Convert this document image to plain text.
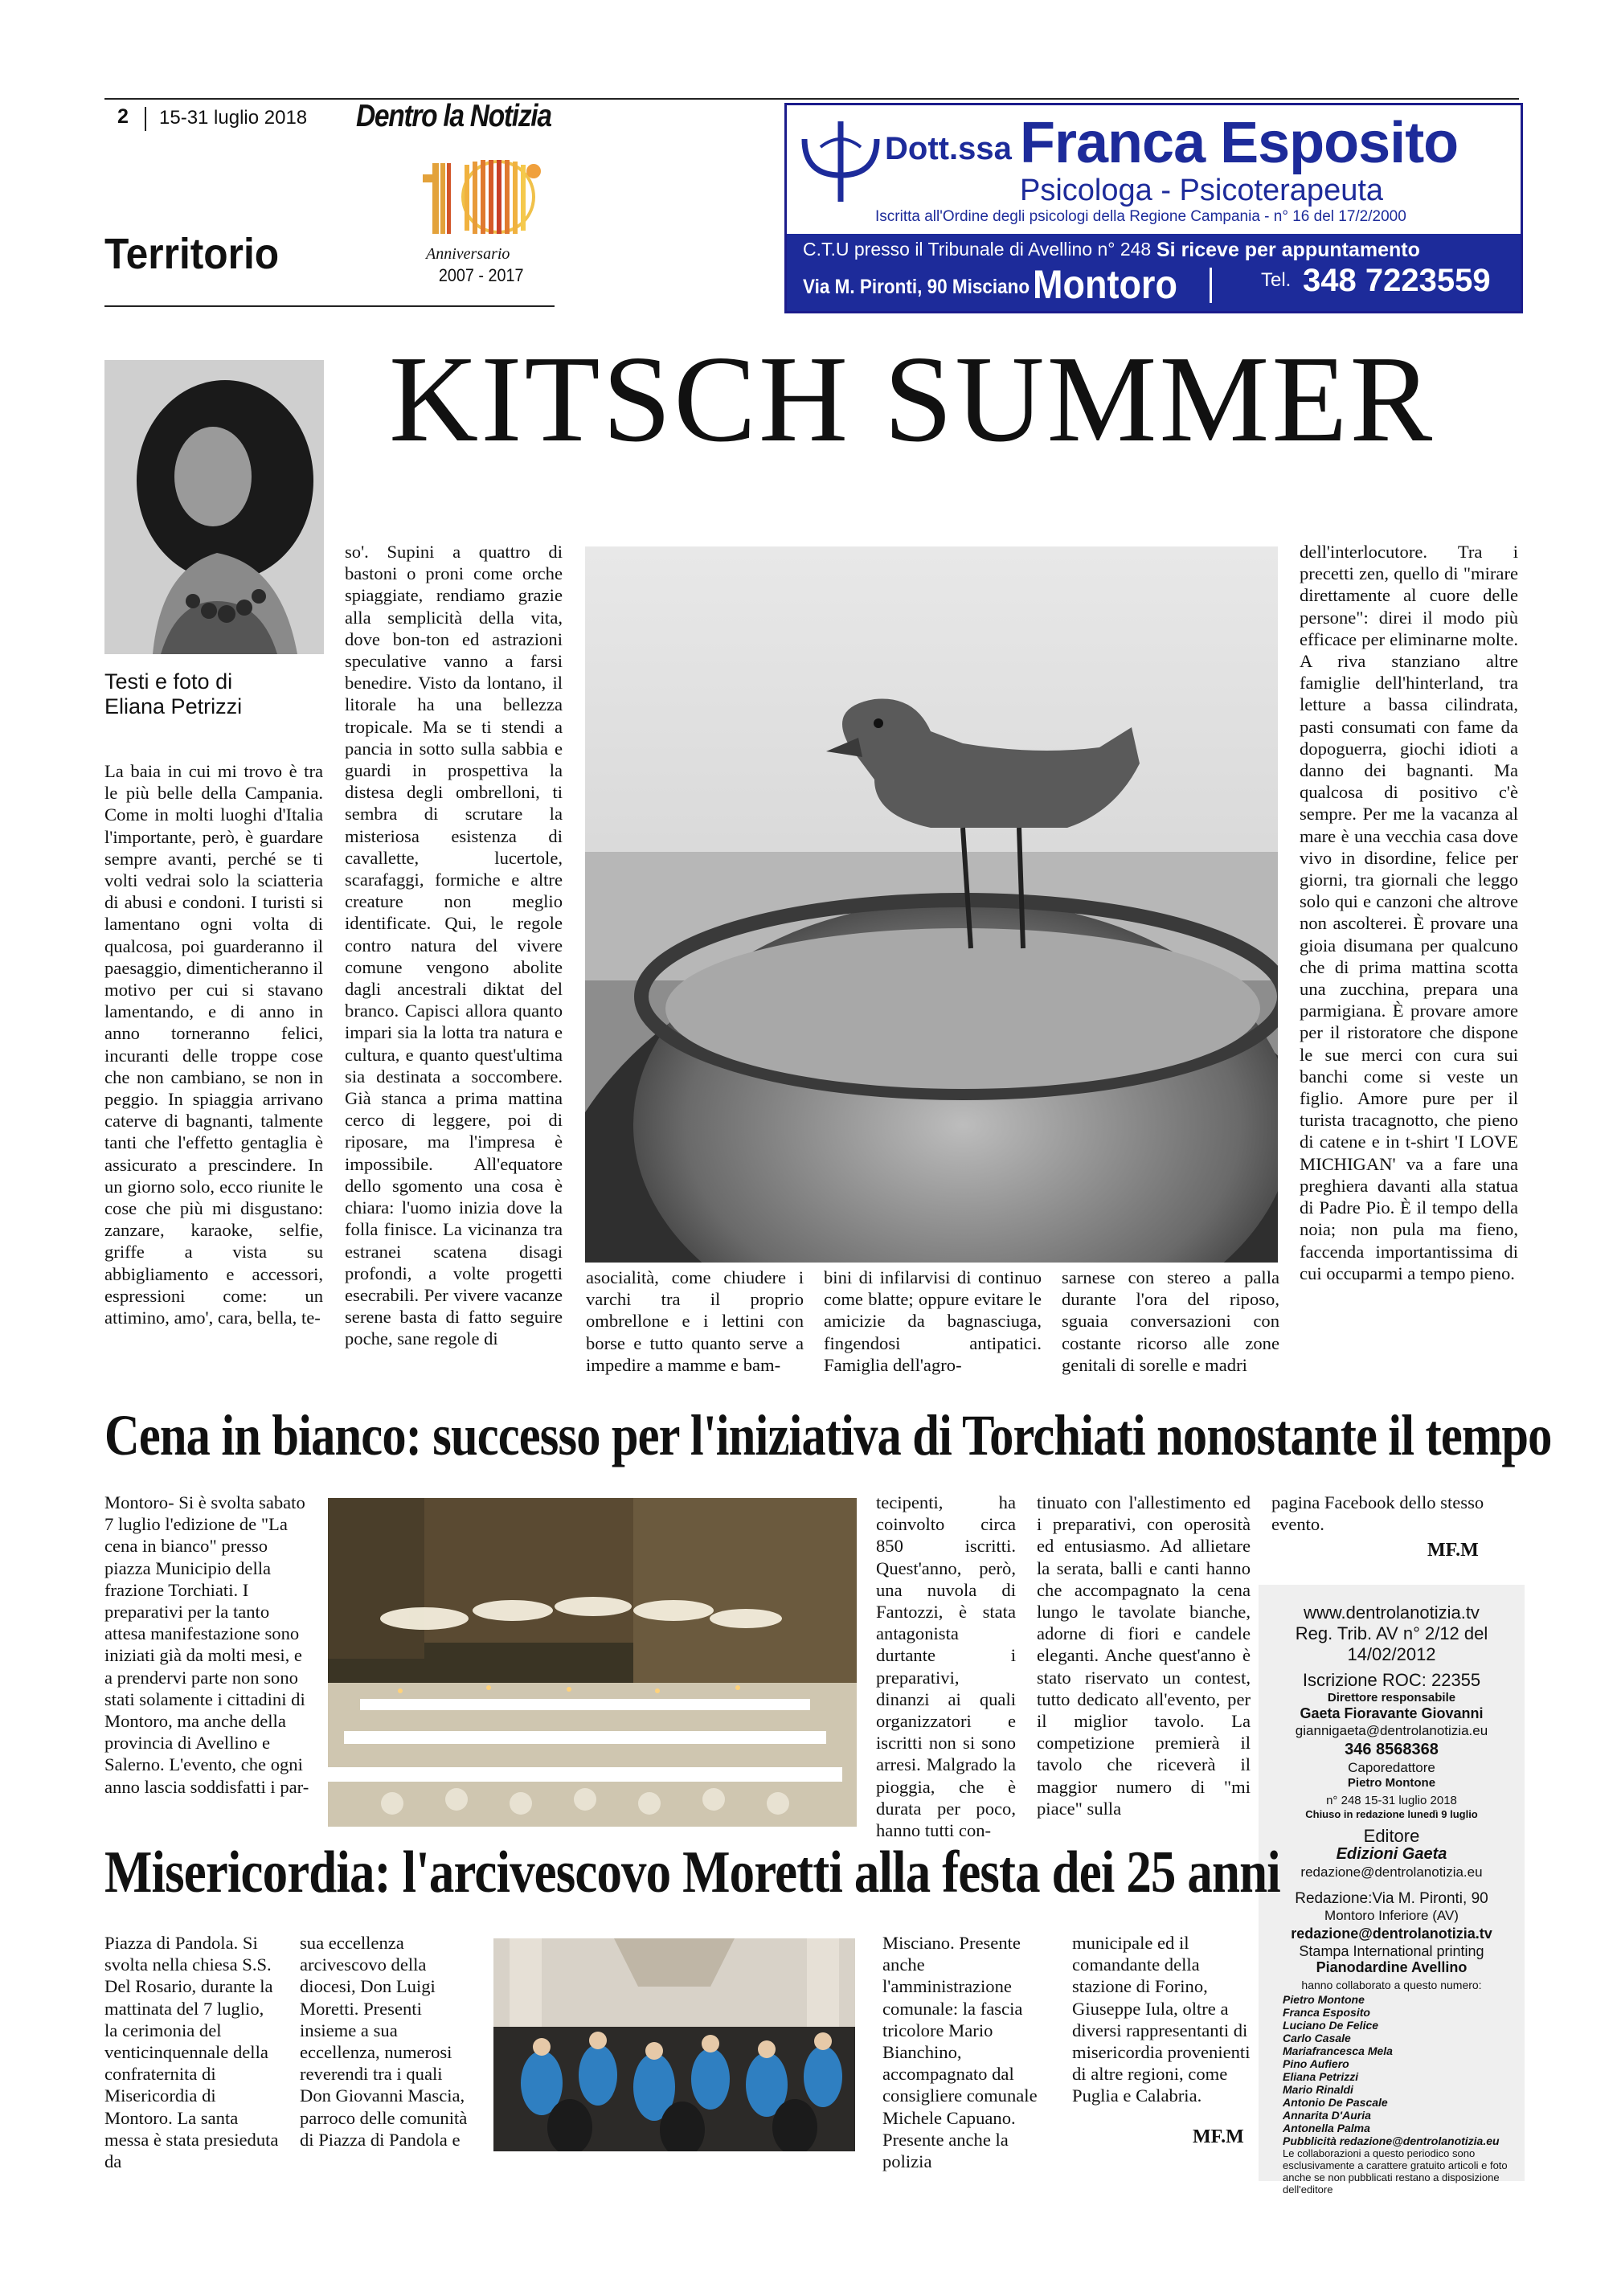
2 15-31 luglio 2018 Dentro la Notizia
Anniversario
2007 - 2017
Territorio
Dott.ssa Franca Esposito
Psicologa - Psicoterapeuta
Iscritta all'Ordine degli psicologi della Regione Campania - n° 16 del 17/2/2000
C.T.U presso il Tribunale di Avellino n° 248 Si riceve per appuntamento
Via M. Pironti, 90 Misciano Montoro	Tel. 348 7223559
KITSCH SUMMER
Testi e foto di
Eliana Petrizzi
La baia in cui mi trovo è tra le più belle della Campania. Come in molti luoghi d'Italia l'importante, però, è guardare sempre avanti, perché se ti volti vedrai solo la sciatteria di abusi e condoni. I turisti si lamentano ogni volta di qualcosa, poi guarderanno il paesaggio, dimenticheranno il motivo per cui si stavano lamentando, e di anno in anno torneranno felici, incuranti delle troppe cose che non cambiano, se non in peggio. In spiaggia arrivano caterve di bagnanti, talmente tanti che l'effetto gentaglia è assicurato a prescindere. In un giorno solo, ecco riunite le cose che più mi disgustano: zanzare, karaoke, selfie, griffe a vista su abbigliamento e accessori, espressioni come: un attimino, amo', cara, bella, te-
so'. Supini a quattro di bastoni o proni come orche spiaggiate, rendiamo grazie alla semplicità della vita, dove bon-ton ed astrazioni speculative vanno a farsi benedire. Visto da lontano, il litorale ha una bellezza tropicale. Ma se ti stendi a pancia in sotto sulla sabbia e guardi in prospettiva la distesa degli ombrelloni, ti sembra di scrutare la misteriosa esistenza di cavallette, lucertole, scarafaggi, formiche e altre creature non meglio identificate. Qui, le regole contro natura del vivere comune vengono abolite dagli ancestrali diktat del branco. Capisci allora quanto impari sia la lotta tra natura e cultura, e quanto quest'ultima sia destinata a soccombere. Già stanca a prima mattina cerco di leggere, poi di riposare, ma l'impresa è impossibile. All'equatore dello sgomento una cosa è chiara: l'uomo inizia dove la folla finisce. La vicinanza tra estranei scatena disagi profondi, a volte progetti esecrabili. Per vivere vacanze serene basta di fatto seguire poche, sane regole di
dell'interlocutore. Tra i precetti zen, quello di "mirare direttamente al cuore delle persone": direi il modo più efficace per eliminarne molte. A riva stanziano altre famiglie dell'hinterland, tra letture a bassa cilindrata, pasti consumati con fame da dopoguerra, giochi idioti a danno dei bagnanti. Ma qualcosa di positivo c'è sempre. Per me la vacanza al mare è una vecchia casa dove vivo in disordine, felice per giorni, tra giornali che leggo solo qui e canzoni che altrove non ascolterei. È provare una gioia disumana per qualcuno che di prima mattina scotta una zucchina, prepara una parmigiana. È provare amore per il ristoratore che dispone le sue merci con cura sui banchi come si veste un figlio. Amore pure per il turista tracagnotto, che pieno di catene e in t-shirt 'I LOVE MICHIGAN' va a fare una preghiera davanti alla statua di Padre Pio. È il tempo della noia; non pula ma fieno, faccenda importantissima di cui occuparmi a tempo pieno.
asocialità, come chiudere i varchi tra il proprio ombrellone e i lettini con borse e tutto quanto serve a impedire a mamme e bam-
bini di infilarvisi di continuo come blatte; oppure evitare le amicizie da bagnasciuga, fingendosi antipatici. Famiglia dell'agro-
sarnese con stereo a palla durante l'ora del riposo, sguaia conversazioni con costante ricorso alle zone genitali di sorelle e madri
Cena in bianco: successo per l'iniziativa di Torchiati nonostante il tempo
Montoro- Si è svolta sabato 7 luglio l'edizione de "La cena in bianco" presso piazza Municipio della frazione Torchiati. I preparativi per la tanto attesa manifestazione sono iniziati già da molti mesi, e a prendervi parte non sono stati solamente i cittadini di Montoro, ma anche della provincia di Avellino e Salerno. L'evento, che ogni anno lascia soddisfatti i par-
tecipenti, ha coinvolto circa 850 iscritti. Quest'anno, però, una nuvola di Fantozzi, è stata antagonista durtante i preparativi, dinanzi ai quali organizzatori e iscritti non si sono arresi. Malgrado la pioggia, che è durata per poco, hanno tutti con-
tinuato con l'allestimento ed i preparativi, con operosità ed entusiasmo. Ad allietare la serata, balli e canti hanno che accompagnato la cena lungo le tavolate bianche, adorne di fiori e candele eleganti. Anche quest'anno è stato riservato un contest, tutto dedicato all'evento, per il miglior tavolo. La competizione premierà il tavolo che riceverà il maggior numero di "mi piace" sulla
pagina Facebook dello stesso evento.
MF.M
www.dentrolanotizia.tv
Reg. Trib. AV n° 2/12 del
14/02/2012
Iscrizione ROC: 22355
Direttore responsabile
Gaeta Fioravante Giovanni
giannigaeta@dentrolanotizia.eu
346 8568368
Caporedattore
Pietro Montone
n° 248 15-31 luglio 2018
Chiuso in redazione lunedì 9 luglio
Editore
Edizioni Gaeta
redazione@dentrolanotizia.eu
Redazione:Via M. Pironti, 90
Montoro Inferiore (AV)
redazione@dentrolanotizia.tv
Stampa International printing
Pianodardine Avellino
hanno collaborato a questo numero:
Pietro Montone
Franca Esposito
Luciano De Felice
Carlo Casale
Mariafrancesca Mela
Pino Aufiero
Eliana Petrizzi
Mario Rinaldi
Antonio De Pascale
Annarita D'Auria
Antonella Palma
Pubblicità redazione@dentrolanotizia.eu
Le collaborazioni a questo periodico sono esclusivamente a carattere gratuito articoli e foto anche se non pubblicati restano a disposizione dell'editore
Misericordia: l'arcivescovo Moretti alla festa dei 25 anni
Piazza di Pandola. Si svolta nella chiesa S.S. Del Rosario, durante la mattinata del 7 luglio, la cerimonia del venticinquennale della confraternita di Misericordia di Montoro. La santa messa è stata presieduta da
sua eccellenza arcivescovo della diocesi, Don Luigi Moretti. Presenti insieme a sua eccellenza, numerosi reverendi tra i quali Don Giovanni Mascia, parroco delle comunità di Piazza di Pandola e
Misciano. Presente anche l'amministrazione comunale: la fascia tricolore Mario Bianchino, accompagnato dal consigliere comunale Michele Capuano. Presente anche la polizia
municipale ed il comandante della stazione di Forino, Giuseppe Iula, oltre a diversi rappresentanti di misericordia provenienti di altre regioni, come Puglia e Calabria.
MF.M
